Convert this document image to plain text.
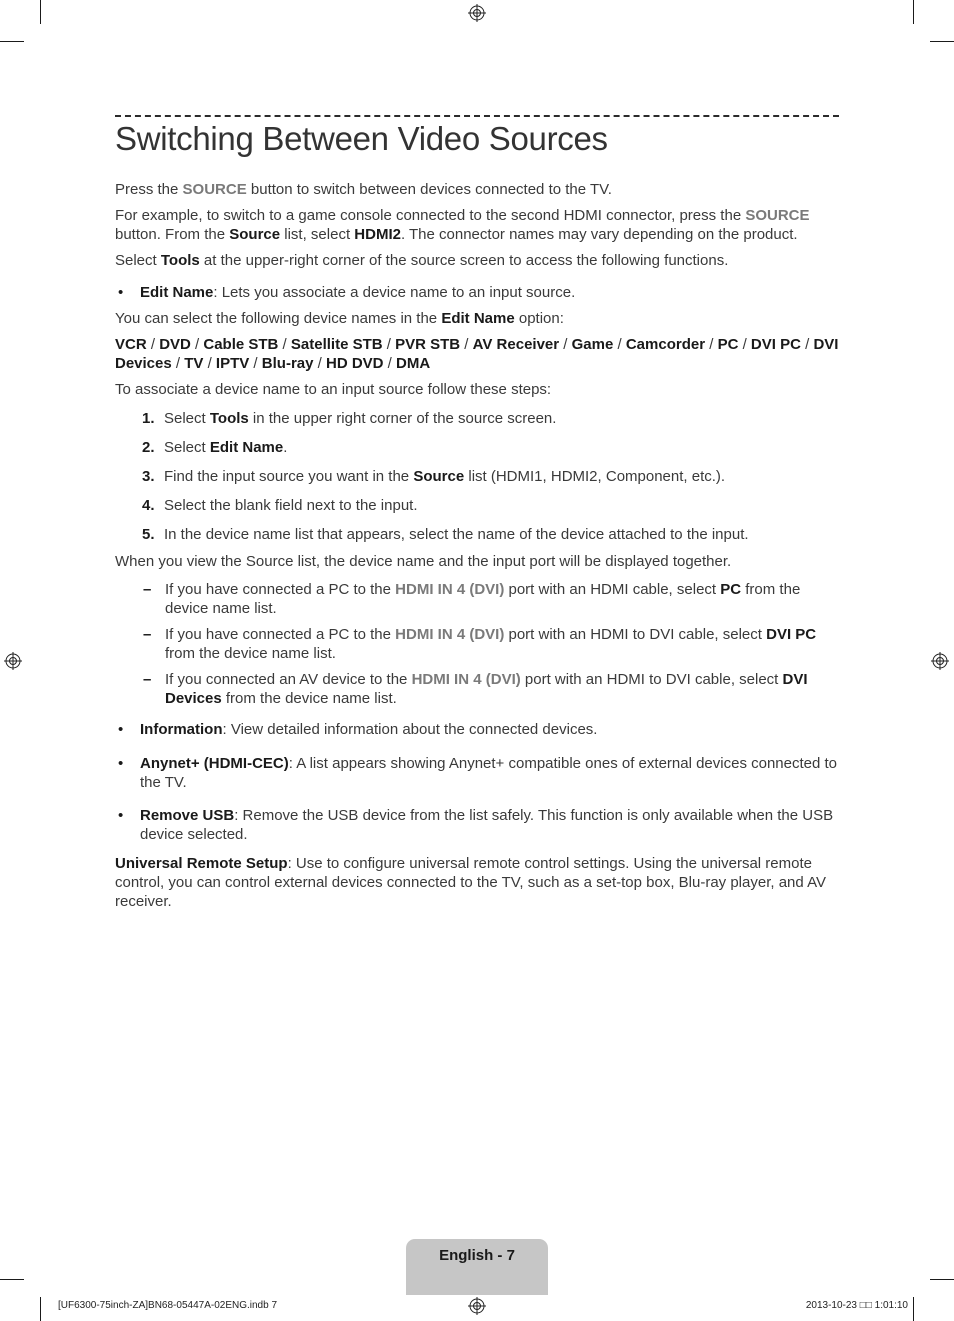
Switching Between Video Sources

Press the SOURCE button to switch between devices connected to the TV.

For example, to switch to a game console connected to the second HDMI connector, press the SOURCE button. From the Source list, select HDMI2. The connector names may vary depending on the product.

Select Tools at the upper-right corner of the source screen to access the following functions.

• Edit Name: Lets you associate a device name to an input source.

You can select the following device names in the Edit Name option:

VCR / DVD / Cable STB / Satellite STB / PVR STB / AV Receiver / Game / Camcorder / PC / DVI PC / DVI Devices / TV / IPTV / Blu-ray / HD DVD / DMA

To associate a device name to an input source follow these steps:

1. Select Tools in the upper right corner of the source screen.

2. Select Edit Name.

3. Find the input source you want in the Source list (HDMI1, HDMI2, Component, etc.).

4. Select the blank field next to the input.

5. In the device name list that appears, select the name of the device attached to the input.

When you view the Source list, the device name and the input port will be displayed together.

– If you have connected a PC to the HDMI IN 4 (DVI) port with an HDMI cable, select PC from the device name list.

– If you have connected a PC to the HDMI IN 4 (DVI) port with an HDMI to DVI cable, select DVI PC from the device name list.

– If you connected an AV device to the HDMI IN 4 (DVI) port with an HDMI to DVI cable, select DVI Devices from the device name list.

• Information: View detailed information about the connected devices.

• Anynet+ (HDMI-CEC): A list appears showing Anynet+ compatible ones of external devices connected to the TV.

• Remove USB: Remove the USB device from the list safely. This function is only available when the USB device selected.

Universal Remote Setup: Use to configure universal remote control settings. Using the universal remote control, you can control external devices connected to the TV, such as a set-top box, Blu-ray player, and AV receiver.

English - 7
[UF6300-75inch-ZA]BN68-05447A-02ENG.indb 7	2013-10-23 □□ 1:01:10
